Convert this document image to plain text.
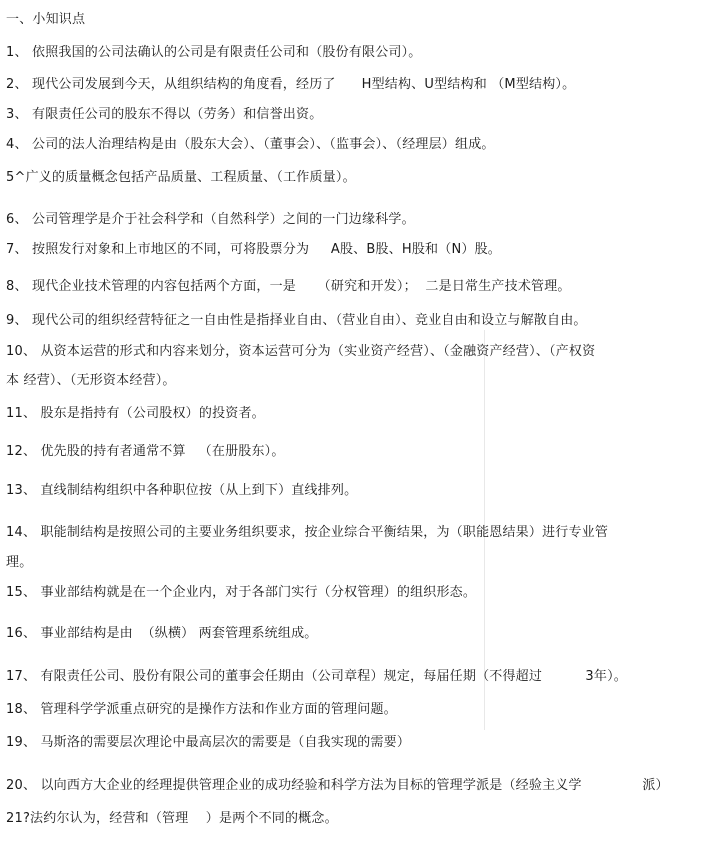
一、小知识点
1、 依照我国的公司法确认的公司是有限责任公司和（股份有限公司）。
2、 现代公司发展到今天，从组织结构的角度看，经历了      H型结构、U型结构和 （M型结构）。
3、 有限责任公司的股东不得以（劳务）和信誉出资。
4、 公司的法人治理结构是由（股东大会）、（董事会）、（监事会）、（经理层）组成。
5^广义的质量概念包括产品质量、工程质量、（工作质量）。
6、 公司管理学是介于社会科学和（自然科学）之间的一门边缘科学。
7、 按照发行对象和上市地区的不同，可将股票分为     A股、B股、H股和（N）股。
8、 现代企业技术管理的内容包括两个方面，一是     （研究和开发）；  二是日常生产技术管理。
9、 现代公司的组织经营特征之一自由性是指择业自由、（营业自由）、竞业自由和设立与解散自由。
10、 从资本运营的形式和内容来划分，资本运营可分为（实业资产经营）、（金融资产经营）、（产权资
本 经营）、（无形资本经营）。
11、 股东是指持有（公司股权）的投资者。
12、 优先股的持有者通常不算   （在册股东）。
13、 直线制结构组织中各种职位按（从上到下）直线排列。
14、 职能制结构是按照公司的主要业务组织要求，按企业综合平衡结果，为（职能恩结果）进行专业管
理。
15、 事业部结构就是在一个企业内，对于各部门实行（分权管理）的组织形态。
16、 事业部结构是由  （纵横） 两套管理系统组成。
17、 有限责任公司、股份有限公司的董事会任期由（公司章程）规定，每届任期（不得超过          3年）。
18、 管理科学学派重点研究的是操作方法和作业方面的管理问题。
19、 马斯洛的需要层次理论中最高层次的需要是（自我实现的需要）
20、 以向西方大企业的经理提供管理企业的成功经验和科学方法为目标的管理学派是（经验主义学              派）
21?法约尔认为，经营和（管理    ）是两个不同的概念。
